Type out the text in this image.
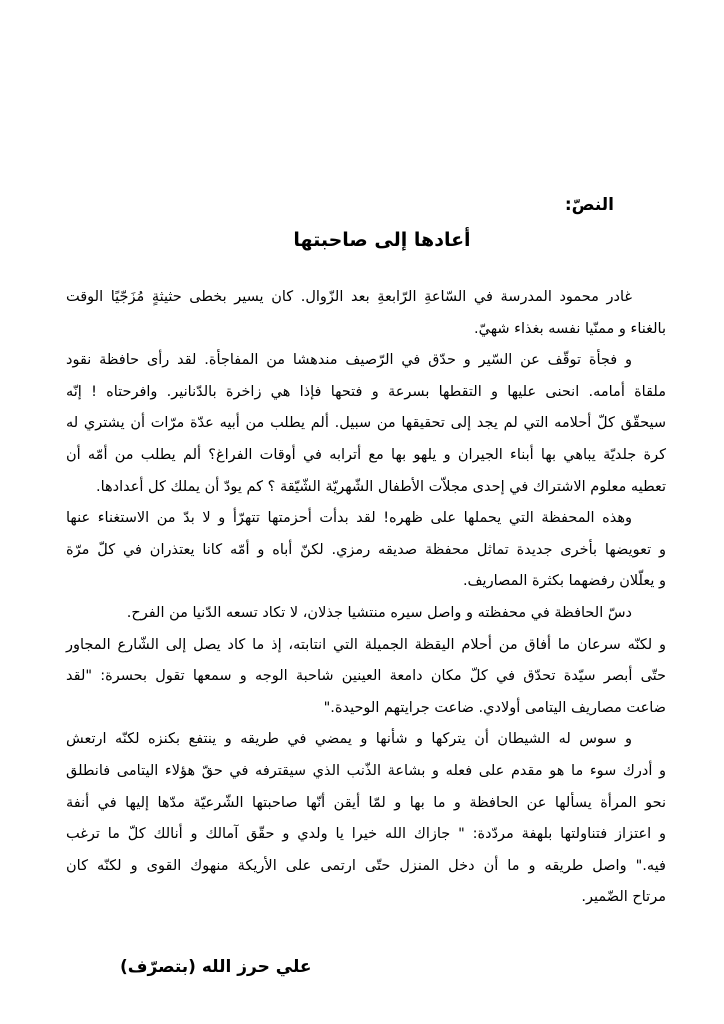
النصّ:
أعادها إلى صاحبتها
غادر محمود المدرسة في السّاعةِ الرّابعةِ بعد الزّوال. كان يسير بخطى حثيثةٍ مُزَجّيًا الوقت
بالغناء و ممنّيا نفسه بغذاء شهيّ.
و فجأة توقّف عن السّير و حدّق في الرّصيف مندهشا من المفاجأة. لقد رأى حافظة نقود
ملقاة أمامه. انحنى عليها و التقطها بسرعة و فتحها فإذا هي زاخرة بالدّنانير. وافرحتاه ! إنّه
سيحقّق كلّ أحلامه التي لم يجد إلى تحقيقها من سبيل. ألم يطلب من أبيه عدّة مرّات أن يشتري له
كرة جلديّة يباهي بها أبناء الجيران و يلهو بها مع أترابه في أوقات الفراغ؟ ألم يطلب من أمّه أن
تعطيه معلوم الاشتراك في إحدى مجلاّت الأطفال الشّهريّة الشّيّقة ؟ كم يودّ أن يملك كل أعدادها.
وهذه المحفظة التي يحملها على ظهره! لقد بدأت أحزمتها تتهرّأ و لا بدّ من الاستغناء عنها
و تعويضها بأخرى جديدة تماثل محفظة صديقه رمزي. لكنّ أباه و أمّه كانا يعتذران في كلّ مرّة
و يعلّلان رفضهما بكثرة المصاريف.
دسّ الحافظة في محفظته و واصل سيره منتشيا جذلان، لا تكاد تسعه الدّنيا من الفرح.
و لكنّه سرعان ما أفاق من أحلام اليقظة الجميلة التي انتابته، إذ ما كاد يصل إلى الشّارع المجاور
حتّى أبصر سيّدة تحدّق في كلّ مكان دامعة العينين شاحبة الوجه و سمعها تقول بحسرة: "لقد
ضاعت مصاريف اليتامى أولادي. ضاعت جرايتهم الوحيدة."
و سوس له الشيطان أن يتركها و شأنها و يمضي في طريقه و ينتفع بكنزه لكنّه ارتعش
و أدرك سوء ما هو مقدم على فعله و بشاعة الذّنب الذي سيقترفه في حقّ هؤلاء اليتامى فانطلق
نحو المرأة يسألها عن الحافظة و ما بها و لمّا أيقن أنّها صاحبتها الشّرعيّة مدّها إليها في أنفة
و اعتزاز فتناولتها بلهفة مردّدة: " جازاك الله خيرا يا ولدي و حقّق آمالك و أنالك كلّ ما ترغب
فيه." واصل طريقه و ما أن دخل المنزل حتّى ارتمى على الأريكة منهوك القوى و لكنّه كان
مرتاح الضّمير.
علي حرز الله (بتصرّف)
